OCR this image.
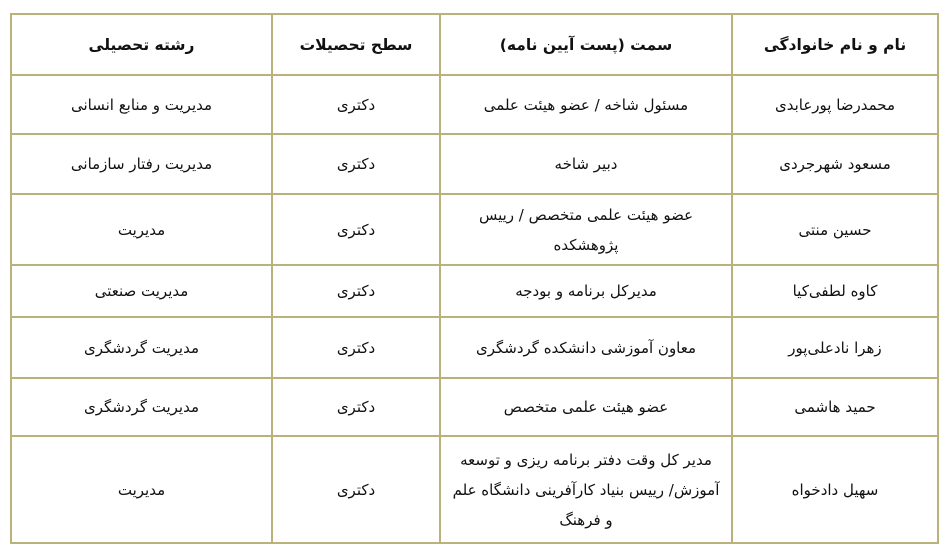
نام و نام خانوادگی	سمت (پست آیین نامه)	سطح تحصیلات	رشته تحصیلی
محمدرضا پورعابدی	مسئول شاخه / عضو هیئت علمی	دکتری	مدیریت و منابع انسانی
مسعود شهرجردی	دبیر شاخه	دکتری	مدیریت رفتار سازمانی
حسین منتی	عضو هیئت علمی متخصص / رییس پژوهشکده	دکتری	مدیریت
کاوه لطفی‌کیا	مدیرکل برنامه و بودجه	دکتری	مدیریت صنعتی
زهرا نادعلی‌پور	معاون آموزشی دانشکده گردشگری	دکتری	مدیریت گردشگری
حمید هاشمی	عضو هیئت علمی متخصص	دکتری	مدیریت گردشگری
سهیل دادخواه	مدیر کل وقت دفتر برنامه ریزی و توسعه آموزش/ رییس بنیاد کارآفرینی دانشگاه علم و فرهنگ	دکتری	مدیریت
